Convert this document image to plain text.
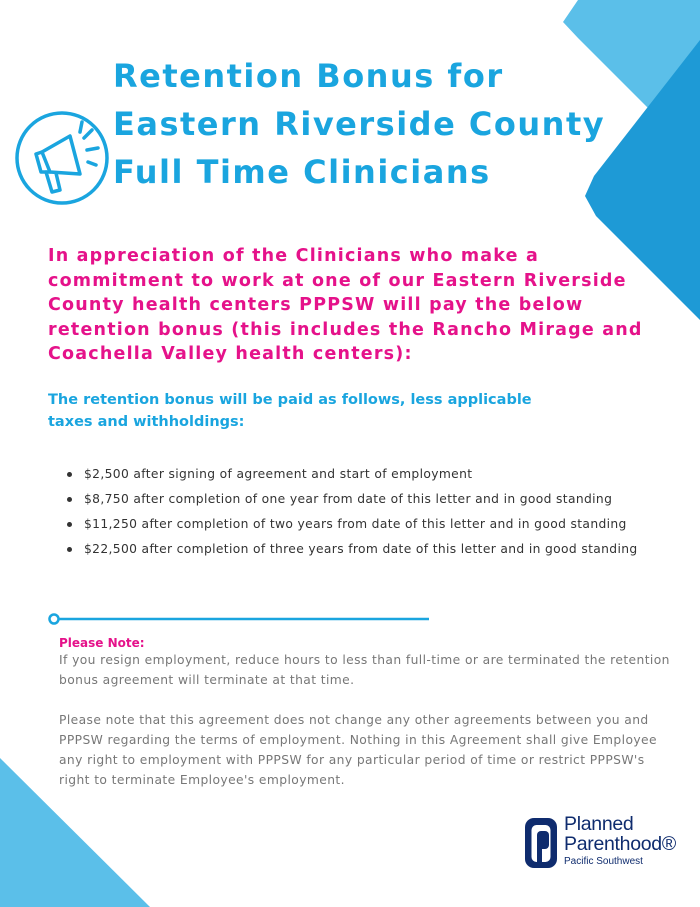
Retention Bonus for
Eastern Riverside County
Full Time Clinicians

In appreciation of the Clinicians who make a commitment to work at one of our Eastern Riverside County health centers PPPSW will pay the below retention bonus (this includes the Rancho Mirage and Coachella Valley health centers):

The retention bonus will be paid as follows, less applicable taxes and withholdings:

$2,500 after signing of agreement and start of employment
$8,750 after completion of one year from date of this letter and in good standing
$11,250 after completion of two years from date of this letter and in good standing
$22,500 after completion of three years from date of this letter and in good standing

Please Note:

If you resign employment, reduce hours to less than full-time or are terminated the retention bonus agreement will terminate at that time.

Please note that this agreement does not change any other agreements between you and PPPSW regarding the terms of employment. Nothing in this Agreement shall give Employee any right to employment with PPPSW for any particular period of time or restrict PPPSW's right to terminate Employee's employment.

Planned
Parenthood®
Pacific Southwest
